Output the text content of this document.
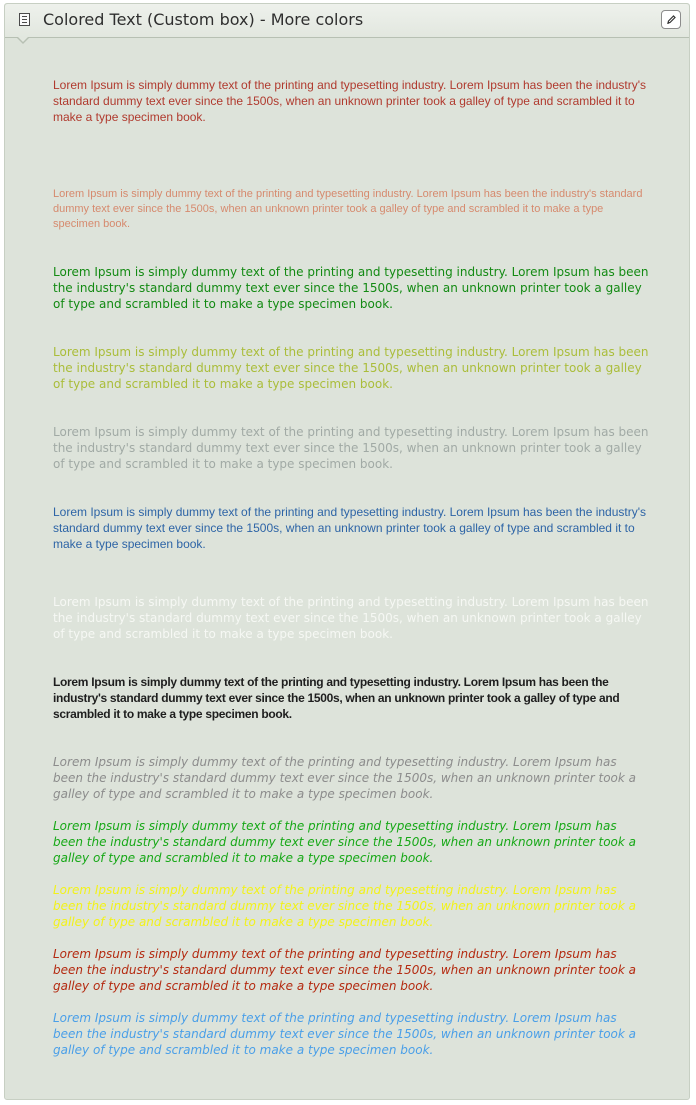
Colored Text (Custom box) - More colors

Lorem Ipsum is simply dummy text of the printing and typesetting industry. Lorem Ipsum has been the industry's standard dummy text ever since the 1500s, when an unknown printer took a galley of type and scrambled it to make a type specimen book.

Lorem Ipsum is simply dummy text of the printing and typesetting industry. Lorem Ipsum has been the industry's standard dummy text ever since the 1500s, when an unknown printer took a galley of type and scrambled it to make a type specimen book.

Lorem Ipsum is simply dummy text of the printing and typesetting industry. Lorem Ipsum has been the industry's standard dummy text ever since the 1500s, when an unknown printer took a galley of type and scrambled it to make a type specimen book.

Lorem Ipsum is simply dummy text of the printing and typesetting industry. Lorem Ipsum has been the industry's standard dummy text ever since the 1500s, when an unknown printer took a galley of type and scrambled it to make a type specimen book.

Lorem Ipsum is simply dummy text of the printing and typesetting industry. Lorem Ipsum has been the industry's standard dummy text ever since the 1500s, when an unknown printer took a galley of type and scrambled it to make a type specimen book.

Lorem Ipsum is simply dummy text of the printing and typesetting industry. Lorem Ipsum has been the industry's standard dummy text ever since the 1500s, when an unknown printer took a galley of type and scrambled it to make a type specimen book.

Lorem Ipsum is simply dummy text of the printing and typesetting industry. Lorem Ipsum has been the industry's standard dummy text ever since the 1500s, when an unknown printer took a galley of type and scrambled it to make a type specimen book.

Lorem Ipsum is simply dummy text of the printing and typesetting industry. Lorem Ipsum has been the industry's standard dummy text ever since the 1500s, when an unknown printer took a galley of type and scrambled it to make a type specimen book.

Lorem Ipsum is simply dummy text of the printing and typesetting industry. Lorem Ipsum has been the industry's standard dummy text ever since the 1500s, when an unknown printer took a galley of type and scrambled it to make a type specimen book.

Lorem Ipsum is simply dummy text of the printing and typesetting industry. Lorem Ipsum has been the industry's standard dummy text ever since the 1500s, when an unknown printer took a galley of type and scrambled it to make a type specimen book.

Lorem Ipsum is simply dummy text of the printing and typesetting industry. Lorem Ipsum has been the industry's standard dummy text ever since the 1500s, when an unknown printer took a galley of type and scrambled it to make a type specimen book.

Lorem Ipsum is simply dummy text of the printing and typesetting industry. Lorem Ipsum has been the industry's standard dummy text ever since the 1500s, when an unknown printer took a galley of type and scrambled it to make a type specimen book.

Lorem Ipsum is simply dummy text of the printing and typesetting industry. Lorem Ipsum has been the industry's standard dummy text ever since the 1500s, when an unknown printer took a galley of type and scrambled it to make a type specimen book.
